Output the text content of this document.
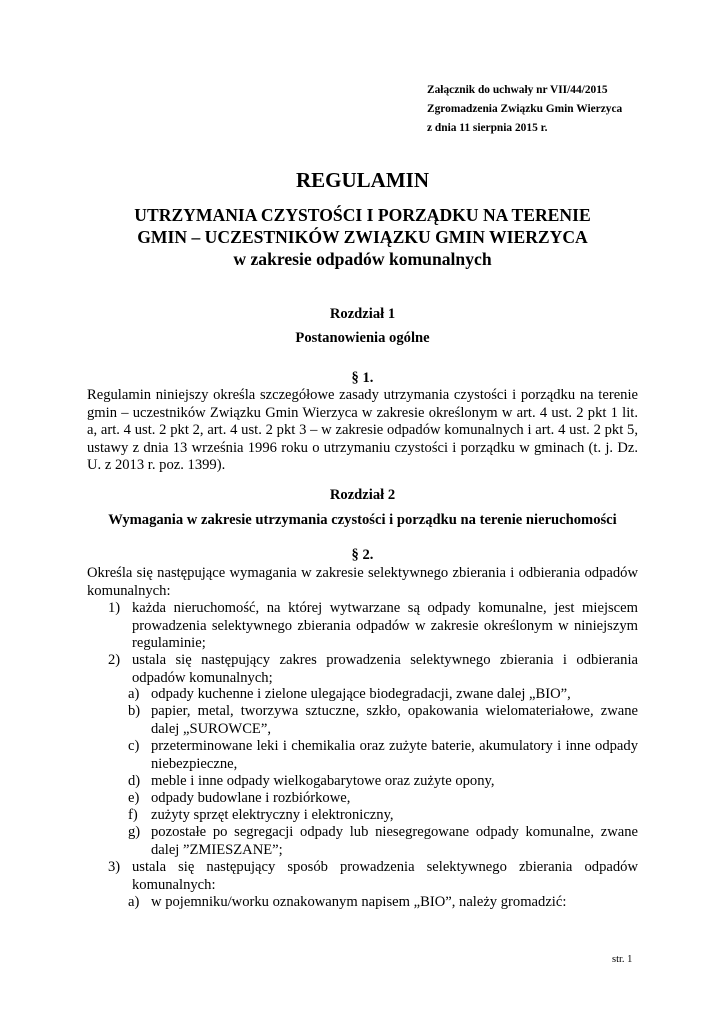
Załącznik do uchwały nr VII/44/2015
Zgromadzenia Związku Gmin Wierzyca
z dnia 11 sierpnia 2015 r.
REGULAMIN
UTRZYMANIA CZYSTOŚCI I PORZĄDKU NA TERENIE
GMIN – UCZESTNIKÓW ZWIĄZKU GMIN WIERZYCA
w zakresie odpadów komunalnych
Rozdział 1
Postanowienia ogólne
§ 1.
Regulamin niniejszy określa szczegółowe zasady utrzymania czystości i porządku na terenie gmin – uczestników Związku Gmin Wierzyca w zakresie określonym w art. 4 ust. 2 pkt 1 lit. a, art. 4 ust. 2 pkt 2, art. 4 ust. 2 pkt 3 – w zakresie odpadów komunalnych i art. 4 ust. 2 pkt 5, ustawy z dnia 13 września 1996 roku o utrzymaniu czystości i porządku w gminach (t. j. Dz. U. z 2013 r. poz. 1399).
Rozdział 2
Wymagania w zakresie utrzymania czystości i porządku na terenie nieruchomości
§ 2.
Określa się następujące wymagania w zakresie selektywnego zbierania i odbierania odpadów komunalnych:
1) każda nieruchomość, na której wytwarzane są odpady komunalne, jest miejscem prowadzenia selektywnego zbierania odpadów w zakresie określonym w niniejszym regulaminie;
2) ustala się następujący zakres prowadzenia selektywnego zbierania i odbierania odpadów komunalnych;
a) odpady kuchenne i zielone ulegające biodegradacji, zwane dalej „BIO”,
b) papier, metal, tworzywa sztuczne, szkło, opakowania wielomateriałowe, zwane dalej „SUROWCE”,
c) przeterminowane leki i chemikalia oraz zużyte baterie, akumulatory i inne odpady niebezpieczne,
d) meble i inne odpady wielkogabarytowe oraz zużyte opony,
e) odpady budowlane i rozbiórkowe,
f) zużyty sprzęt elektryczny i elektroniczny,
g) pozostałe po segregacji odpady lub niesegregowane odpady komunalne, zwane dalej ”ZMIESZANE”;
3) ustala się następujący sposób prowadzenia selektywnego zbierania odpadów komunalnych:
a) w pojemniku/worku oznakowanym napisem „BIO”, należy gromadzić:
str. 1
